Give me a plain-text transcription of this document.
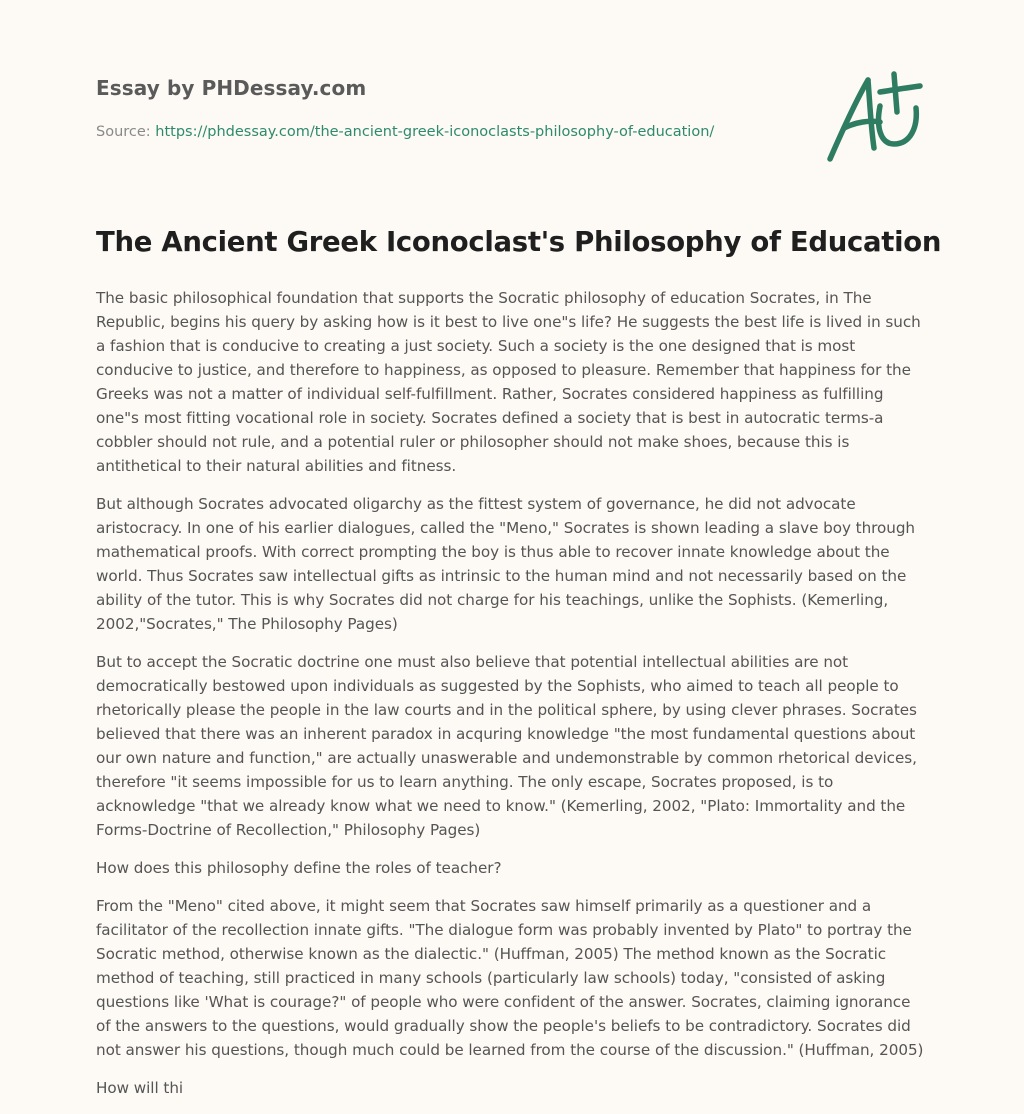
Essay by PHDessay.com
Source: https://phdessay.com/the-ancient-greek-iconoclasts-philosophy-of-education/
The Ancient Greek Iconoclast's Philosophy of Education

The basic philosophical foundation that supports the Socratic philosophy of education Socrates, in The Republic, begins his query by asking how is it best to live one"s life? He suggests the best life is lived in such a fashion that is conducive to creating a just society. Such a society is the one designed that is most conducive to justice, and therefore to happiness, as opposed to pleasure. Remember that happiness for the Greeks was not a matter of individual self-fulfillment. Rather, Socrates considered happiness as fulfilling one"s most fitting vocational role in society. Socrates defined a society that is best in autocratic terms-a cobbler should not rule, and a potential ruler or philosopher should not make shoes, because this is antithetical to their natural abilities and fitness.

But although Socrates advocated oligarchy as the fittest system of governance, he did not advocate aristocracy. In one of his earlier dialogues, called the "Meno," Socrates is shown leading a slave boy through mathematical proofs. With correct prompting the boy is thus able to recover innate knowledge about the world. Thus Socrates saw intellectual gifts as intrinsic to the human mind and not necessarily based on the ability of the tutor. This is why Socrates did not charge for his teachings, unlike the Sophists. (Kemerling, 2002,"Socrates," The Philosophy Pages)

But to accept the Socratic doctrine one must also believe that potential intellectual abilities are not democratically bestowed upon individuals as suggested by the Sophists, who aimed to teach all people to rhetorically please the people in the law courts and in the political sphere, by using clever phrases. Socrates believed that there was an inherent paradox in acquring knowledge "the most fundamental questions about our own nature and function," are actually unaswerable and undemonstrable by common rhetorical devices, therefore "it seems impossible for us to learn anything. The only escape, Socrates proposed, is to acknowledge "that we already know what we need to know." (Kemerling, 2002, "Plato: Immortality and the Forms-Doctrine of Recollection," Philosophy Pages)

How does this philosophy define the roles of teacher?

From the "Meno" cited above, it might seem that Socrates saw himself primarily as a questioner and a facilitator of the recollection innate gifts. "The dialogue form was probably invented by Plato" to portray the Socratic method, otherwise known as the dialectic." (Huffman, 2005) The method known as the Socratic method of teaching, still practiced in many schools (particularly law schools) today, "consisted of asking questions like 'What is courage?" of people who were confident of the answer. Socrates, claiming ignorance of the answers to the questions, would gradually show the people's beliefs to be contradictory. Socrates did not answer his questions, though much could be learned from the course of the discussion." (Huffman, 2005)

How will thi
